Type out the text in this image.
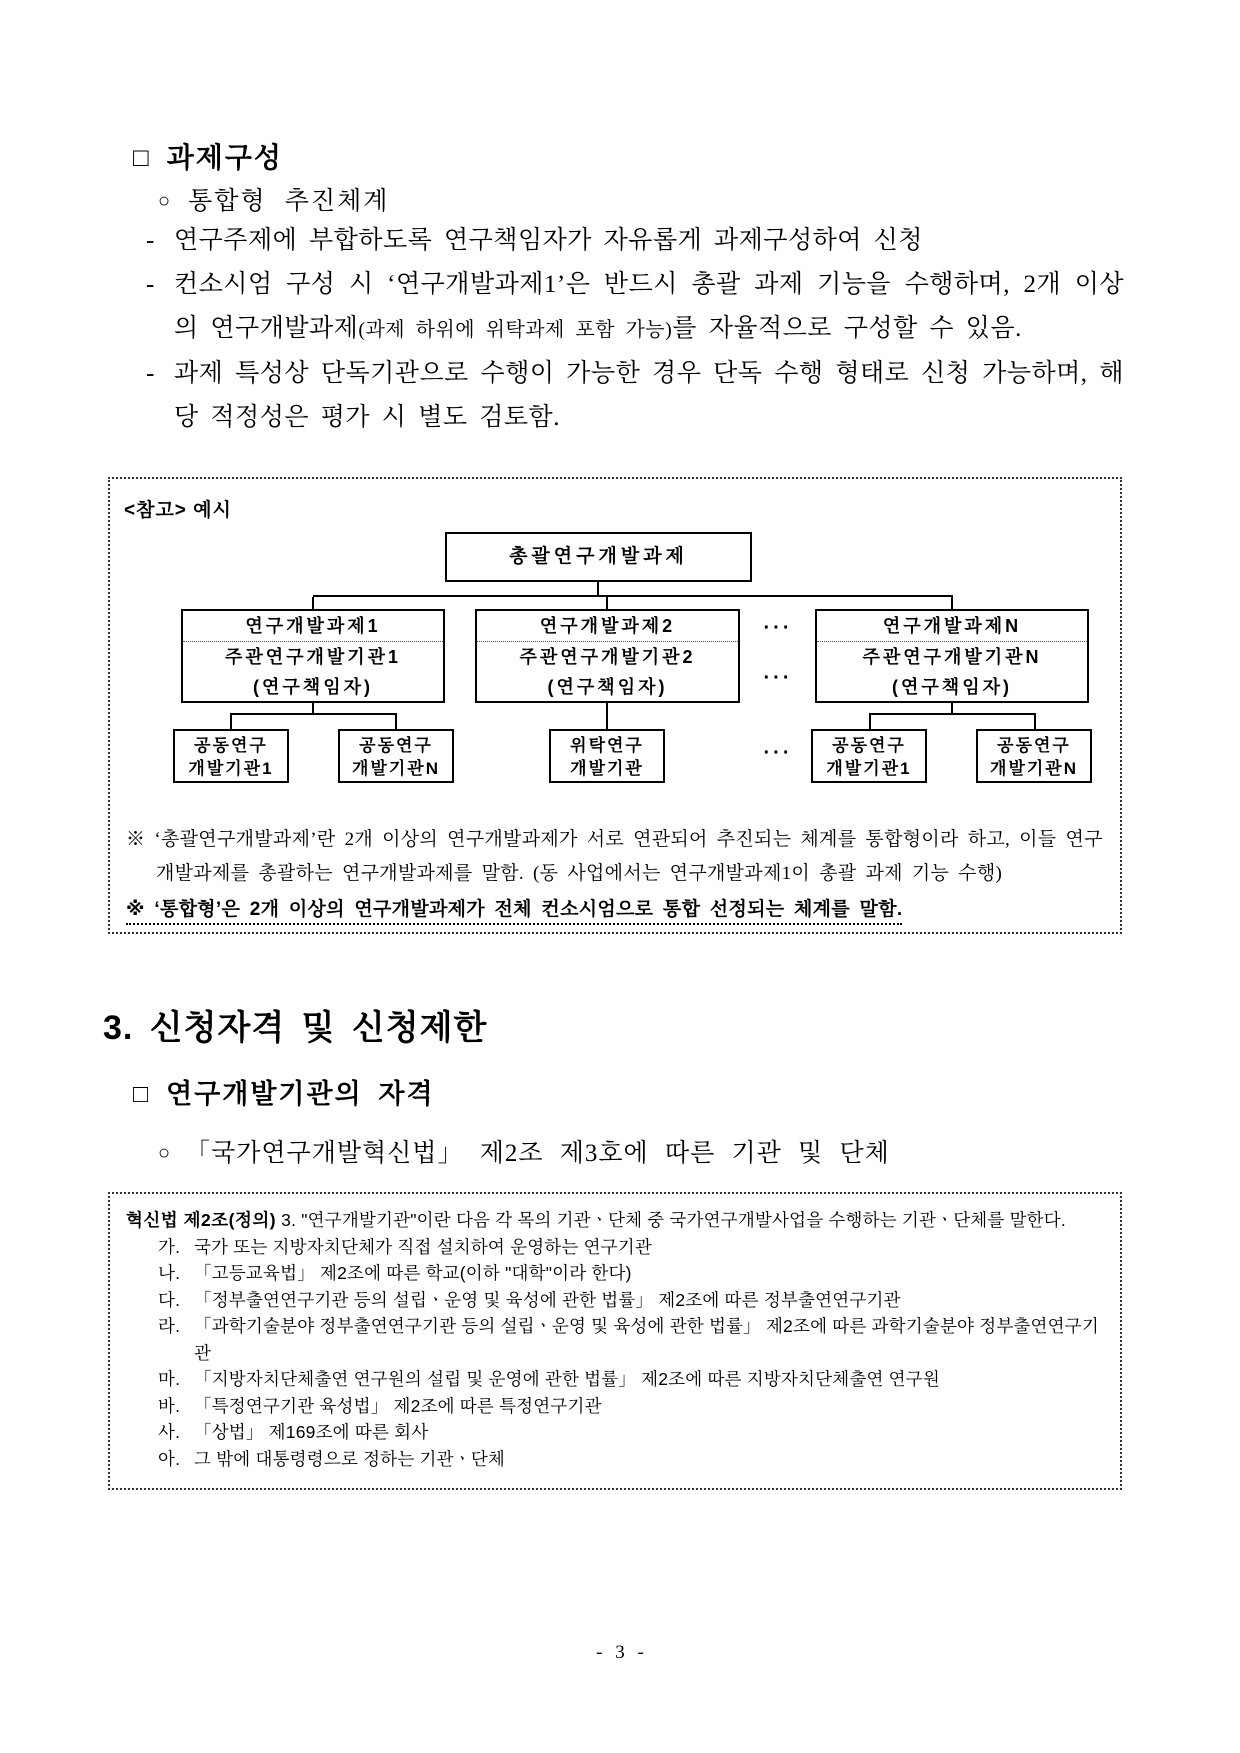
□ 과제구성
○ 통합형 추진체계
- 연구주제에 부합하도록 연구책임자가 자유롭게 과제구성하여 신청
- 컨소시엄 구성 시 ‘연구개발과제1’은 반드시 총괄 과제 기능을 수행하며, 2개 이상의 연구개발과제(과제 하위에 위탁과제 포함 가능)를 자율적으로 구성할 수 있음.
- 과제 특성상 단독기관으로 수행이 가능한 경우 단독 수행 형태로 신청 가능하며, 해당 적정성은 평가 시 별도 검토함.
<참고> 예시
총괄연구개발과제
연구개발과제1
주관연구개발기관1
(연구책임자)
연구개발과제2
주관연구개발기관2
(연구책임자)
연구개발과제N
주관연구개발기관N
(연구책임자)
···
···
···
공동연구
개발기관1
공동연구
개발기관N
위탁연구
개발기관
공동연구
개발기관1
공동연구
개발기관N
※ ‘총괄연구개발과제’란 2개 이상의 연구개발과제가 서로 연관되어 추진되는 체계를 통합형이라 하고, 이들 연구개발과제를 총괄하는 연구개발과제를 말함. (동 사업에서는 연구개발과제1이 총괄 과제 기능 수행)
※ ‘통합형’은 2개 이상의 연구개발과제가 전체 컨소시엄으로 통합 선정되는 체계를 말함.
3. 신청자격 및 신청제한
□ 연구개발기관의 자격
○ 「국가연구개발혁신법」 제2조 제3호에 따른 기관 및 단체
혁신법 제2조(정의) 3. "연구개발기관"이란 다음 각 목의 기관ㆍ단체 중 국가연구개발사업을 수행하는 기관ㆍ단체를 말한다.
가. 국가 또는 지방자치단체가 직접 설치하여 운영하는 연구기관
나. 「고등교육법」 제2조에 따른 학교(이하 "대학"이라 한다)
다. 「정부출연연구기관 등의 설립ㆍ운영 및 육성에 관한 법률」 제2조에 따른 정부출연연구기관
라. 「과학기술분야 정부출연연구기관 등의 설립ㆍ운영 및 육성에 관한 법률」 제2조에 따른 과학기술분야 정부출연연구기관
마. 「지방자치단체출연 연구원의 설립 및 운영에 관한 법률」 제2조에 따른 지방자치단체출연 연구원
바. 「특정연구기관 육성법」 제2조에 따른 특정연구기관
사. 「상법」 제169조에 따른 회사
아. 그 밖에 대통령령으로 정하는 기관ㆍ단체
- 3 -
